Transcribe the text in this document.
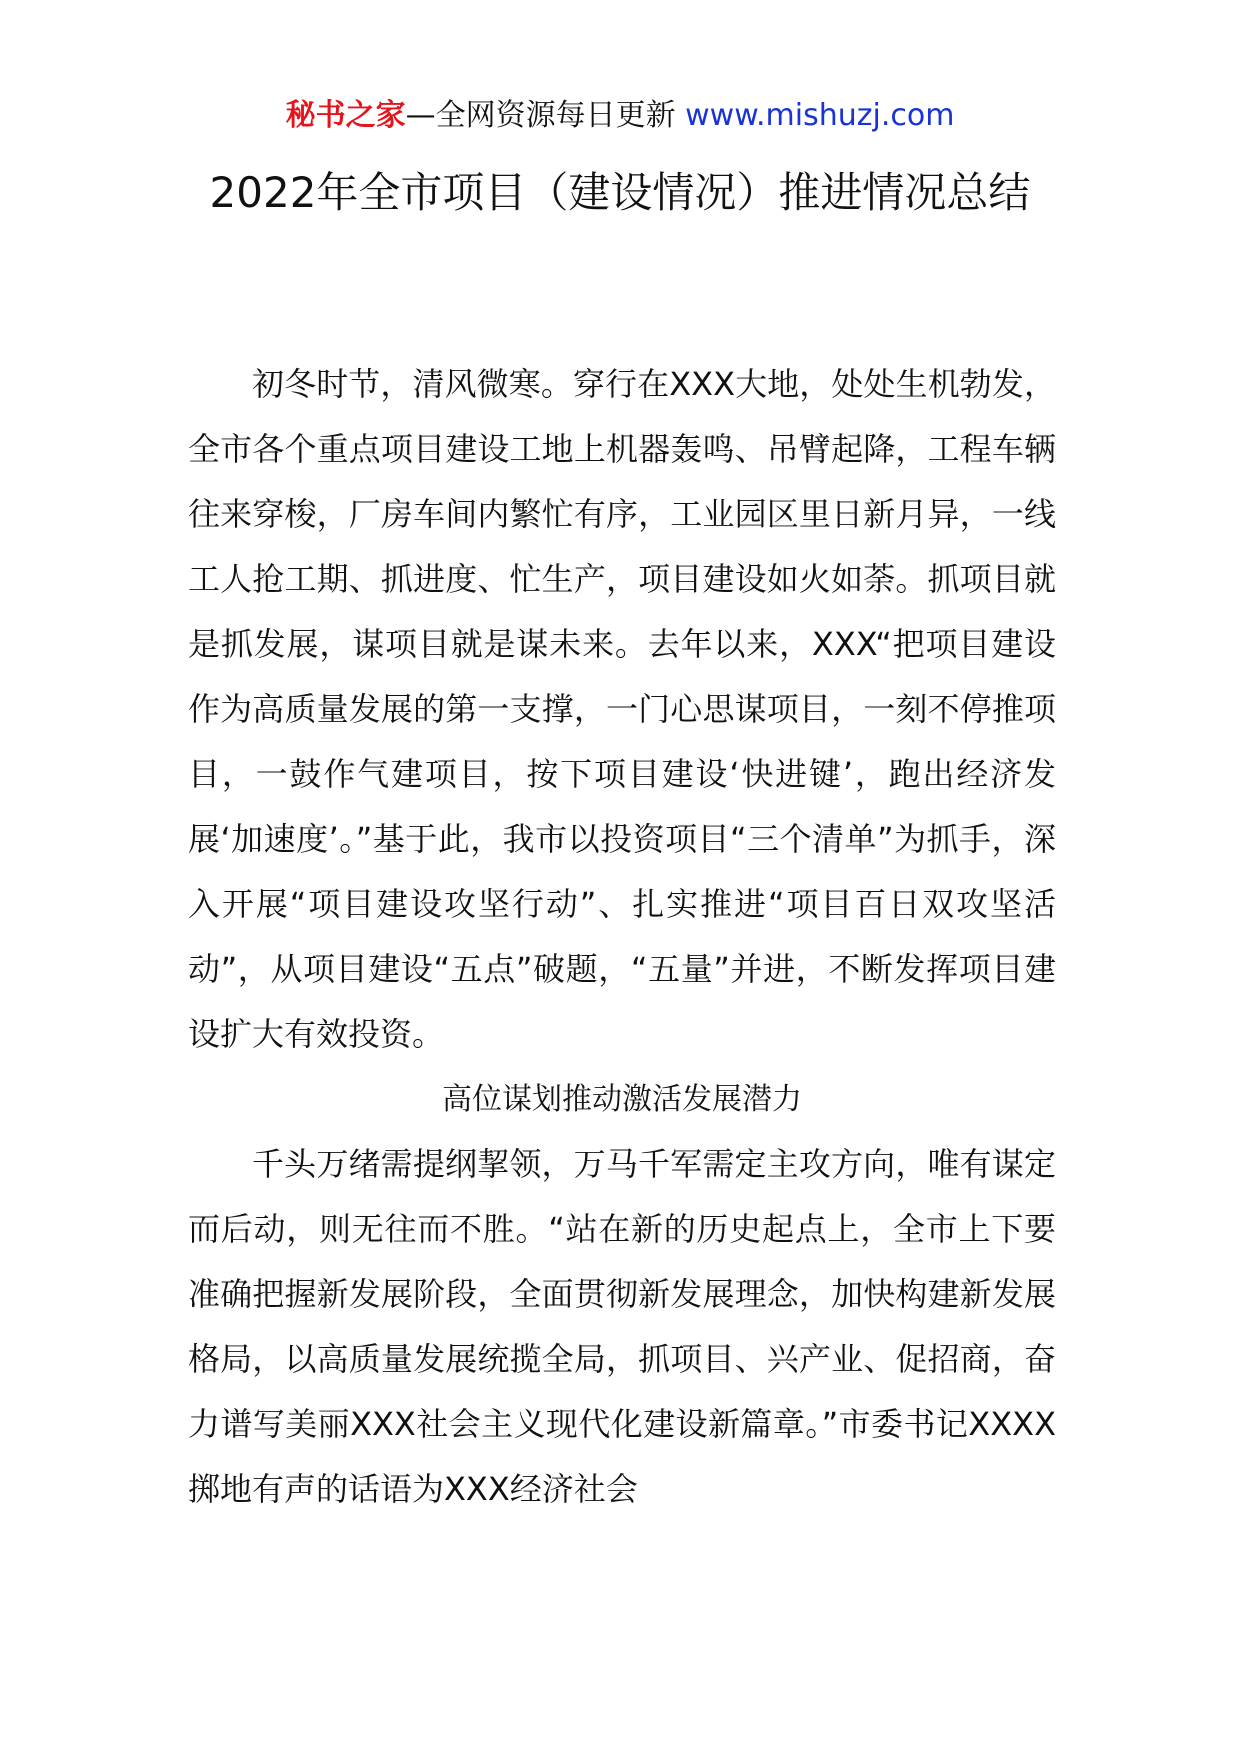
秘书之家—全网资源每日更新 www.mishuzj.com
2022年全市项目（建设情况）推进情况总结

初冬时节，清风微寒。穿行在XXX大地，处处生机勃发，全市各个重点项目建设工地上机器轰鸣、吊臂起降，工程车辆往来穿梭，厂房车间内繁忙有序，工业园区里日新月异，一线工人抢工期、抓进度、忙生产，项目建设如火如荼。抓项目就是抓发展，谋项目就是谋未来。去年以来，XXX“把项目建设作为高质量发展的第一支撑，一门心思谋项目，一刻不停推项目，一鼓作气建项目，按下项目建设‘快进键’，跑出经济发展‘加速度’。”基于此，我市以投资项目“三个清单”为抓手，深入开展“项目建设攻坚行动”、扎实推进“项目百日双攻坚活动”，从项目建设“五点”破题，“五量”并进，不断发挥项目建设扩大有效投资。

高位谋划推动激活发展潜力

千头万绪需提纲挈领，万马千军需定主攻方向，唯有谋定而后动，则无往而不胜。“站在新的历史起点上，全市上下要准确把握新发展阶段，全面贯彻新发展理念，加快构建新发展格局，以高质量发展统揽全局，抓项目、兴产业、促招商，奋力谱写美丽XXX社会主义现代化建设新篇章。”市委书记XXXX掷地有声的话语为XXX经济社会
